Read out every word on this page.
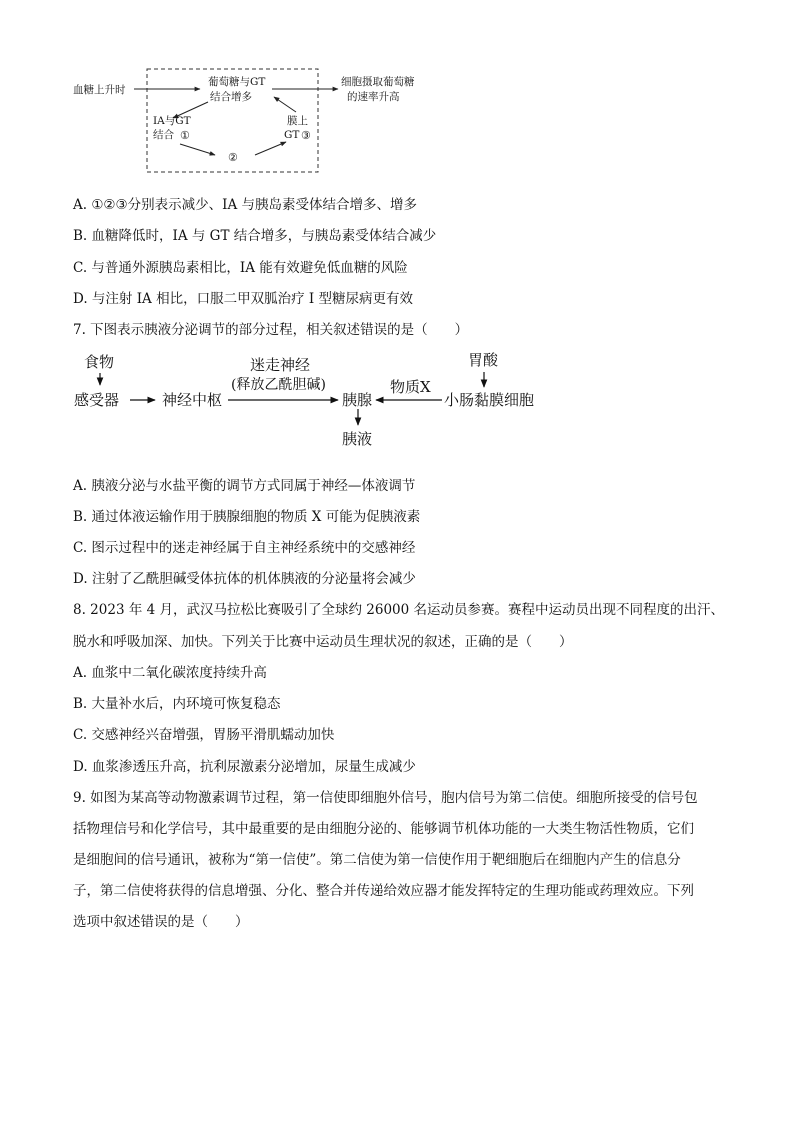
血糖上升时
葡萄糖与GT
结合增多
细胞摄取葡萄糖
的速率升高
IA与GT
结合 ①
②
膜上
GT ③
A. ①②③分别表示减少、IA 与胰岛素受体结合增多、增多
B. 血糖降低时，IA 与 GT 结合增多，与胰岛素受体结合减少
C. 与普通外源胰岛素相比，IA 能有效避免低血糖的风险
D. 与注射 IA 相比，口服二甲双胍治疗 I 型糖尿病更有效
7. 下图表示胰液分泌调节的部分过程，相关叙述错误的是（　　）
食物
感受器	神经中枢
迷走神经
(释放乙酰胆碱)
胰腺
胰液
物质X
胃酸
小肠黏膜细胞
A. 胰液分泌与水盐平衡的调节方式同属于神经—体液调节
B. 通过体液运输作用于胰腺细胞的物质 X 可能为促胰液素
C. 图示过程中的迷走神经属于自主神经系统中的交感神经
D. 注射了乙酰胆碱受体抗体的机体胰液的分泌量将会减少
8. 2023 年 4 月，武汉马拉松比赛吸引了全球约 26000 名运动员参赛。赛程中运动员出现不同程度的出汗、
脱水和呼吸加深、加快。下列关于比赛中运动员生理状况的叙述，正确的是（　　）
A. 血浆中二氧化碳浓度持续升高
B. 大量补水后，内环境可恢复稳态
C. 交感神经兴奋增强，胃肠平滑肌蠕动加快
D. 血浆渗透压升高，抗利尿激素分泌增加，尿量生成减少
9. 如图为某高等动物激素调节过程，第一信使即细胞外信号，胞内信号为第二信使。细胞所接受的信号包
括物理信号和化学信号，其中最重要的是由细胞分泌的、能够调节机体功能的一大类生物活性物质，它们
是细胞间的信号通讯，被称为“第一信使”。第二信使为第一信使作用于靶细胞后在细胞内产生的信息分
子，第二信使将获得的信息增强、分化、整合并传递给效应器才能发挥特定的生理功能或药理效应。下列
选项中叙述错误的是（　　）
